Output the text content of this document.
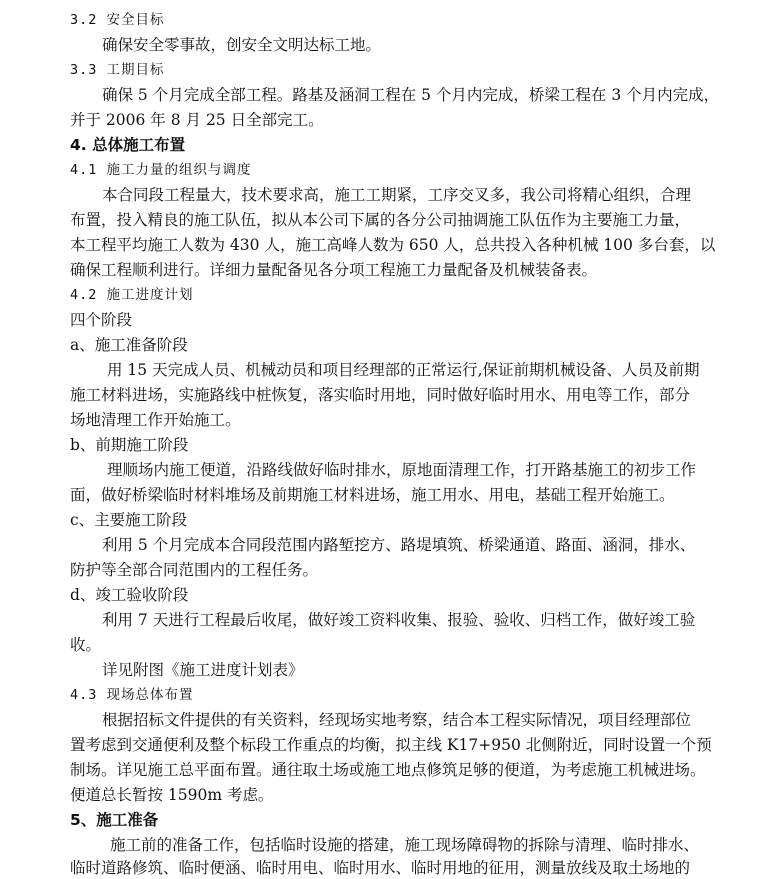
3.2 安全目标
确保安全零事故，创安全文明达标工地。
3.3 工期目标
确保 5 个月完成全部工程。路基及涵洞工程在 5 个月内完成，桥梁工程在 3 个月内完成，
并于 2006 年 8 月 25 日全部完工。
4. 总体施工布置
4.1 施工力量的组织与调度
本合同段工程量大，技术要求高，施工工期紧，工序交叉多，我公司将精心组织，合理
布置，投入精良的施工队伍，拟从本公司下属的各分公司抽调施工队伍作为主要施工力量，
本工程平均施工人数为 430 人，施工高峰人数为 650 人，总共投入各种机械 100 多台套，以
确保工程顺利进行。详细力量配备见各分项工程施工力量配备及机械装备表。
4.2 施工进度计划
四个阶段
a、施工准备阶段
用 15 天完成人员、机械动员和项目经理部的正常运行,保证前期机械设备、人员及前期
施工材料进场，实施路线中桩恢复，落实临时用地，同时做好临时用水、用电等工作，部分
场地清理工作开始施工。
b、前期施工阶段
理顺场内施工便道，沿路线做好临时排水，原地面清理工作，打开路基施工的初步工作
面，做好桥梁临时材料堆场及前期施工材料进场，施工用水、用电，基础工程开始施工。
c、主要施工阶段
利用 5 个月完成本合同段范围内路堑挖方、路堤填筑、桥梁通道、路面、涵洞，排水、
防护等全部合同范围内的工程任务。
d、竣工验收阶段
利用 7 天进行工程最后收尾，做好竣工资料收集、报验、验收、归档工作，做好竣工验
收。
详见附图《施工进度计划表》
4.3 现场总体布置
根据招标文件提供的有关资料，经现场实地考察，结合本工程实际情况，项目经理部位
置考虑到交通便利及整个标段工作重点的均衡，拟主线 K17+950 北侧附近，同时设置一个预
制场。详见施工总平面布置。通往取土场或施工地点修筑足够的便道，为考虑施工机械进场。
便道总长暂按 1590m 考虑。
5、施工准备
施工前的准备工作，包括临时设施的搭建，施工现场障碍物的拆除与清理、临时排水、
临时道路修筑、临时便涵、临时用电、临时用水、临时用地的征用，测量放线及取土场地的
